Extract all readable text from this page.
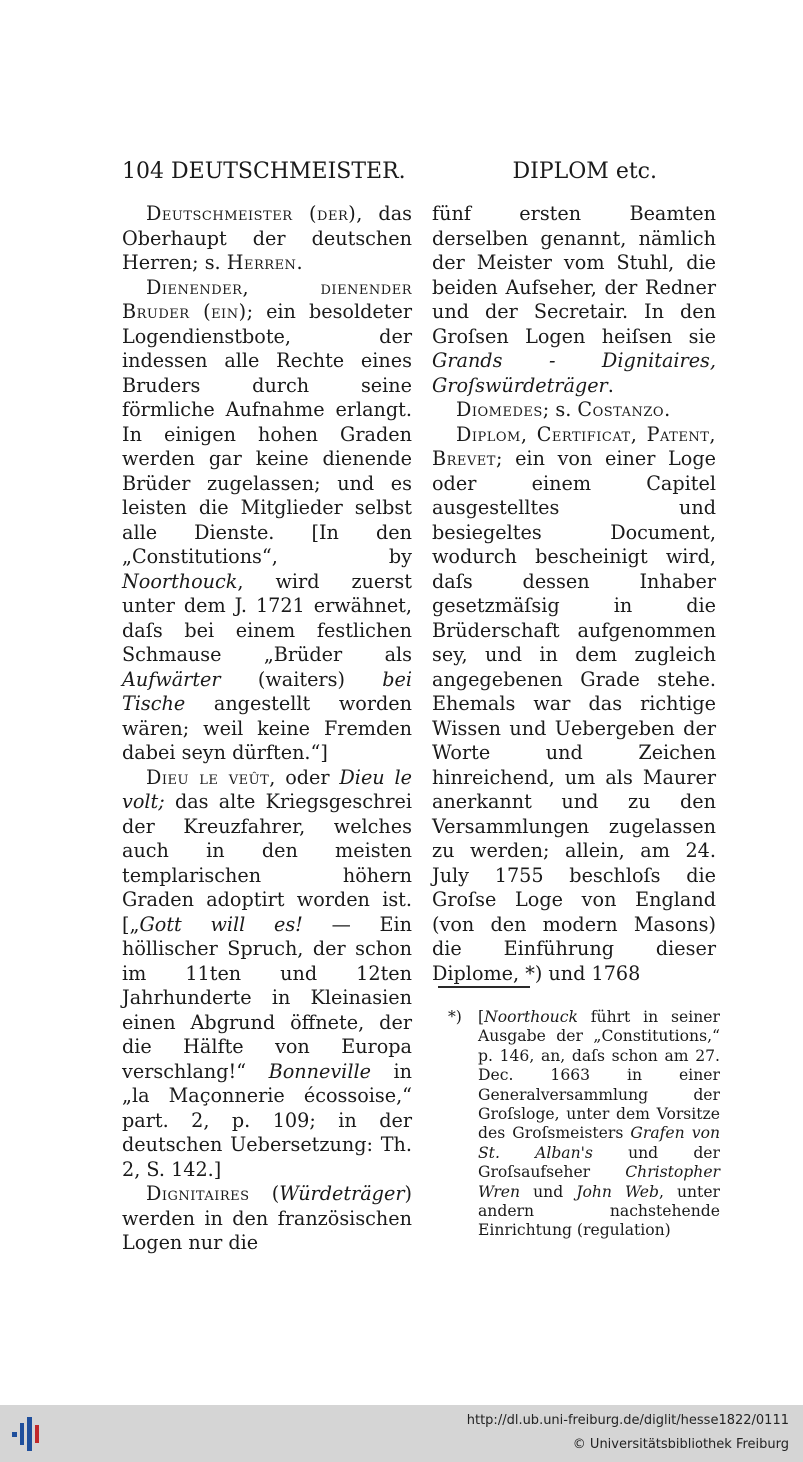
104 DEUTSCHMEISTER.	DIPLOM etc.

Deutschmeister (der), das Oberhaupt der deutschen Herren; s. Herren.

Dienender, dienender Bruder (ein); ein besoldeter Logendienstbote, der indessen alle Rechte eines Bruders durch seine förmliche Aufnahme erlangt. In einigen hohen Graden werden gar keine dienende Brüder zugelassen; und es leisten die Mitglieder selbst alle Dienste. [In den „Constitutions“, by Noorthouck, wird zuerst unter dem J. 1721 erwähnet, daſs bei einem festlichen Schmause „Brüder als Aufwärter (waiters) bei Tische angestellt worden wären; weil keine Fremden dabei seyn dürften.“]

Dieu le veût, oder Dieu le volt; das alte Kriegsgeschrei der Kreuzfahrer, welches auch in den meisten templarischen höhern Graden adoptirt worden ist. [„Gott will es! — Ein höllischer Spruch, der schon im 11ten und 12ten Jahrhunderte in Kleinasien einen Abgrund öffnete, der die Hälfte von Europa verschlang!“ Bonneville in „la Maçonnerie écossoise,“ part. 2, p. 109; in der deutschen Uebersetzung: Th. 2, S. 142.]

Dignitaires (Würdeträger) werden in den französischen Logen nur die

fünf ersten Beamten derselben genannt, nämlich der Meister vom Stuhl, die beiden Aufseher, der Redner und der Secretair. In den Groſsen Logen heiſsen sie Grands - Dignitaires, Groſswürdeträger.

Diomedes; s. Costanzo.

Diplom, Certificat, Patent, Brevet; ein von einer Loge oder einem Capitel ausgestelltes und besiegeltes Document, wodurch bescheinigt wird, daſs dessen Inhaber gesetzmäſsig in die Brüderschaft aufgenommen sey, und in dem zugleich angegebenen Grade stehe. Ehemals war das richtige Wissen und Uebergeben der Worte und Zeichen hinreichend, um als Maurer anerkannt und zu den Versammlungen zugelassen zu werden; allein, am 24. July 1755 beschloſs die Groſse Loge von England (von den modern Masons) die Einführung dieser Diplome, *) und 1768

*) [Noorthouck führt in seiner Ausgabe der „Constitutions,“ p. 146, an, daſs schon am 27. Dec. 1663 in einer Generalversammlung der Groſsloge, unter dem Vorsitze des Groſsmeisters Grafen von St. Alban's und der Groſsaufseher Christopher Wren und John Web, unter andern nachstehende Einrichtung (regulation)
http://dl.ub.uni-freiburg.de/diglit/hesse1822/0111
© Universitätsbibliothek Freiburg
